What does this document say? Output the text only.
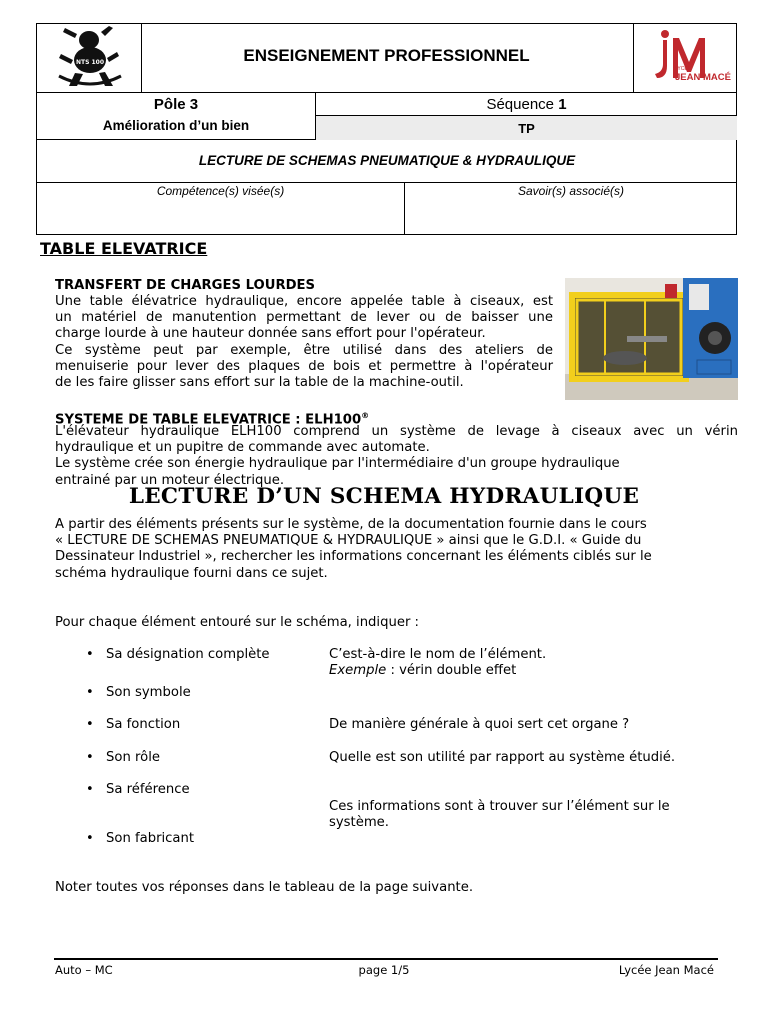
NTS 100	ENSEIGNEMENT PROFESSIONNEL
Pôle 3
Amélioration d’un bien
Séquence 1
TP
LECTURE DE SCHEMAS PNEUMATIQUE & HYDRAULIQUE
Compétence(s) visée(s)	Savoir(s) associé(s)
LYCÉE
JEAN MACÉ
TABLE ELEVATRICE
TRANSFERT DE CHARGES LOURDES
Une table élévatrice hydraulique, encore appelée table à ciseaux, est
un matériel de manutention permettant de lever ou de baisser une
charge lourde à une hauteur donnée sans effort pour l'opérateur.
Ce système peut par exemple, être utilisé dans des ateliers de
menuiserie pour lever des plaques de bois et permettre à l'opérateur
de les faire glisser sans effort sur la table de la machine-outil.
SYSTEME DE TABLE ELEVATRICE : ELH100®
L'élévateur hydraulique ELH100 comprend un système de levage à ciseaux avec un vérin
hydraulique et un pupitre de commande avec automate.
Le système crée son énergie hydraulique par l'intermédiaire d'un groupe hydraulique
entrainé par un moteur électrique.
LECTURE D’UN SCHEMA HYDRAULIQUE
A partir des éléments présents sur le système, de la documentation fournie dans le cours
« LECTURE DE SCHEMAS PNEUMATIQUE & HYDRAULIQUE » ainsi que le G.D.I. « Guide du
Dessinateur Industriel », rechercher les informations concernant les éléments ciblés sur le
schéma hydraulique fourni dans ce sujet.
Pour chaque élément entouré sur le schéma, indiquer :
• Sa désignation complète	C’est-à-dire le nom de l’élément.
Exemple : vérin double effet
• Son symbole
• Sa fonction	De manière générale à quoi sert cet organe ?
• Son rôle	Quelle est son utilité par rapport au système étudié.
• Sa référence
Ces informations sont à trouver sur l’élément sur le
système.
• Son fabricant
Noter toutes vos réponses dans le tableau de la page suivante.
Auto – MC	page 1/5	Lycée Jean Macé
